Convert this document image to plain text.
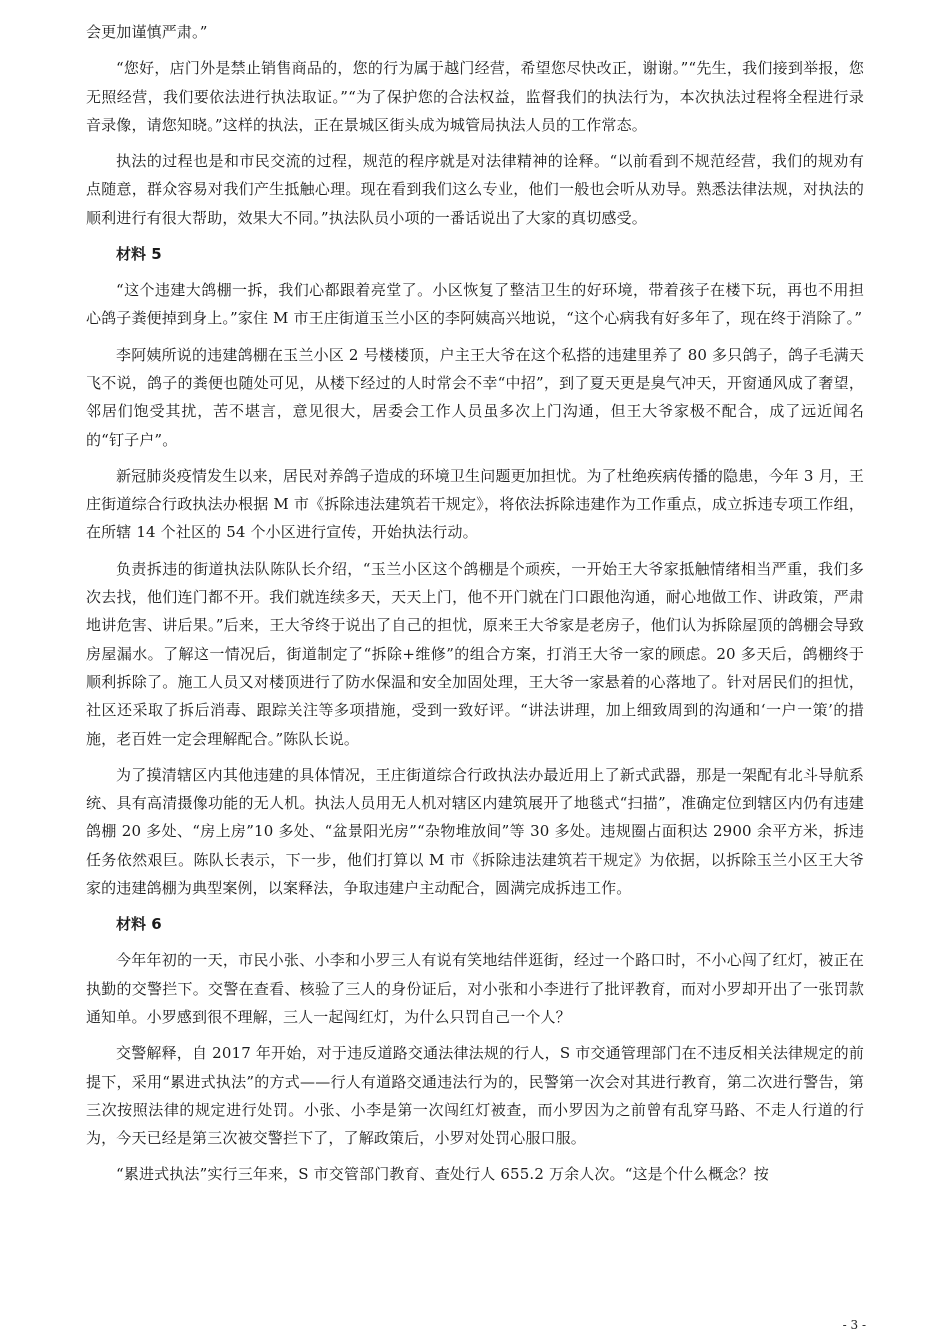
会更加谨慎严肃。”

“您好，店门外是禁止销售商品的，您的行为属于越门经营，希望您尽快改正，谢谢。”“先生，我们接到举报，您无照经营，我们要依法进行执法取证。”“为了保护您的合法权益，监督我们的执法行为，本次执法过程将全程进行录音录像，请您知晓。”这样的执法，正在景城区街头成为城管局执法人员的工作常态。

执法的过程也是和市民交流的过程，规范的程序就是对法律精神的诠释。“以前看到不规范经营，我们的规劝有点随意，群众容易对我们产生抵触心理。现在看到我们这么专业，他们一般也会听从劝导。熟悉法律法规，对执法的顺利进行有很大帮助，效果大不同。”执法队员小项的一番话说出了大家的真切感受。

材料 5

“这个违建大鸽棚一拆，我们心都跟着亮堂了。小区恢复了整洁卫生的好环境，带着孩子在楼下玩，再也不用担心鸽子粪便掉到身上。”家住 M 市王庄街道玉兰小区的李阿姨高兴地说，“这个心病我有好多年了，现在终于消除了。”

李阿姨所说的违建鸽棚在玉兰小区 2 号楼楼顶，户主王大爷在这个私搭的违建里养了 80 多只鸽子，鸽子毛满天飞不说，鸽子的粪便也随处可见，从楼下经过的人时常会不幸“中招”，到了夏天更是臭气冲天，开窗通风成了奢望，邻居们饱受其扰，苦不堪言，意见很大，居委会工作人员虽多次上门沟通，但王大爷家极不配合，成了远近闻名的“钉子户”。

新冠肺炎疫情发生以来，居民对养鸽子造成的环境卫生问题更加担忧。为了杜绝疾病传播的隐患，今年 3 月，王庄街道综合行政执法办根据 M 市《拆除违法建筑若干规定》，将依法拆除违建作为工作重点，成立拆违专项工作组，在所辖 14 个社区的 54 个小区进行宣传，开始执法行动。

负责拆违的街道执法队陈队长介绍，“玉兰小区这个鸽棚是个顽疾，一开始王大爷家抵触情绪相当严重，我们多次去找，他们连门都不开。我们就连续多天，天天上门，他不开门就在门口跟他沟通，耐心地做工作、讲政策，严肃地讲危害、讲后果。”后来，王大爷终于说出了自己的担忧，原来王大爷家是老房子，他们认为拆除屋顶的鸽棚会导致房屋漏水。了解这一情况后，街道制定了“拆除+维修”的组合方案，打消王大爷一家的顾虑。20 多天后，鸽棚终于顺利拆除了。施工人员又对楼顶进行了防水保温和安全加固处理，王大爷一家悬着的心落地了。针对居民们的担忧，社区还采取了拆后消毒、跟踪关注等多项措施，受到一致好评。“讲法讲理，加上细致周到的沟通和‘一户一策’的措施，老百姓一定会理解配合。”陈队长说。

为了摸清辖区内其他违建的具体情况，王庄街道综合行政执法办最近用上了新式武器，那是一架配有北斗导航系统、具有高清摄像功能的无人机。执法人员用无人机对辖区内建筑展开了地毯式“扫描”，准确定位到辖区内仍有违建鸽棚 20 多处、“房上房”10 多处、“盆景阳光房”“杂物堆放间”等 30 多处。违规圈占面积达 2900 余平方米，拆违任务依然艰巨。陈队长表示，下一步，他们打算以 M 市《拆除违法建筑若干规定》为依据，以拆除玉兰小区王大爷家的违建鸽棚为典型案例，以案释法，争取违建户主动配合，圆满完成拆违工作。

材料 6

今年年初的一天，市民小张、小李和小罗三人有说有笑地结伴逛街，经过一个路口时，不小心闯了红灯，被正在执勤的交警拦下。交警在查看、核验了三人的身份证后，对小张和小李进行了批评教育，而对小罗却开出了一张罚款通知单。小罗感到很不理解，三人一起闯红灯，为什么只罚自己一个人？

交警解释，自 2017 年开始，对于违反道路交通法律法规的行人，S 市交通管理部门在不违反相关法律规定的前提下，采用“累进式执法”的方式——行人有道路交通违法行为的，民警第一次会对其进行教育，第二次进行警告，第三次按照法律的规定进行处罚。小张、小李是第一次闯红灯被查，而小罗因为之前曾有乱穿马路、不走人行道的行为，今天已经是第三次被交警拦下了，了解政策后，小罗对处罚心服口服。

“累进式执法”实行三年来，S 市交管部门教育、查处行人 655.2 万余人次。“这是个什么概念？按

- 3 -
